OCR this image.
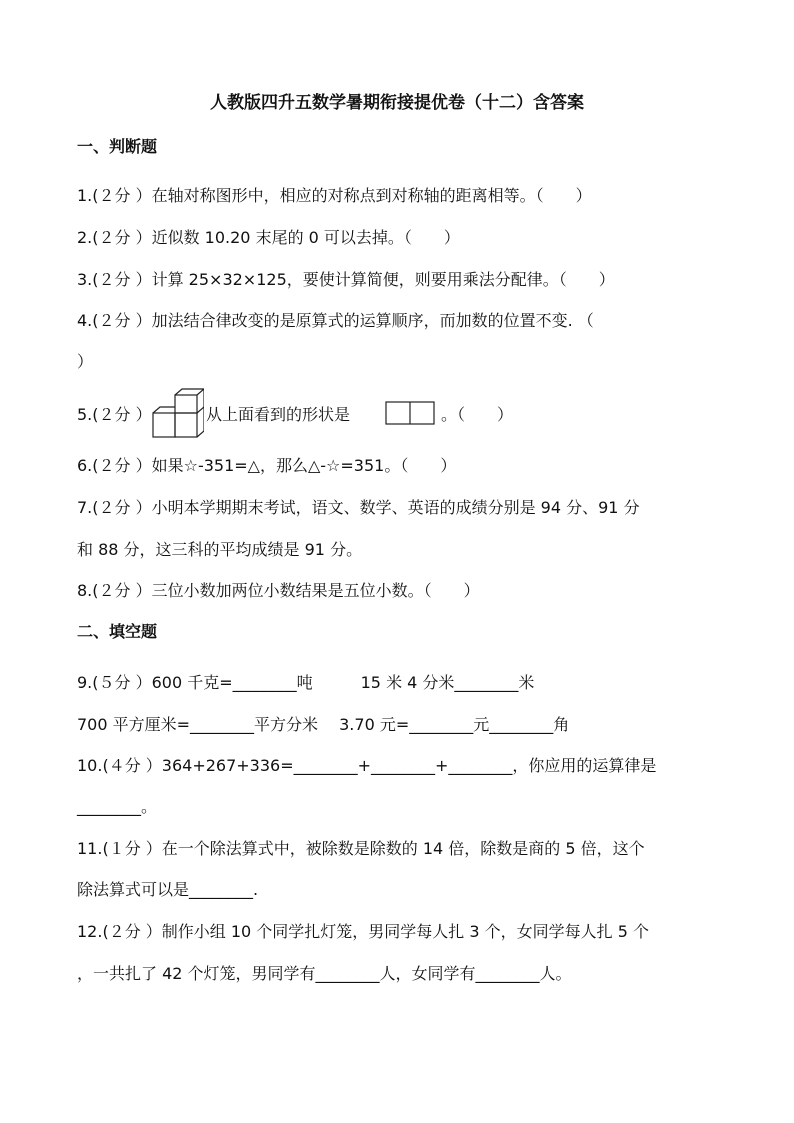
人教版四升五数学暑期衔接提优卷（十二）含答案
一、判断题
1.(２分 ）在轴对称图形中，相应的对称点到对称轴的距离相等。（　　）
2.(２分 ）近似数 10.20 末尾的 0 可以去掉。（　　）
3.(２分 ）计算 25×32×125，要使计算简便，则要用乘法分配律。（　　）
4.(２分 ）加法结合律改变的是原算式的运算顺序，而加数的位置不变. （
）
5.(２分 ）	从上面看到的形状是	。（　　）
6.(２分 ）如果☆-351=△，那么△-☆=351。（　　）
7.(２分 ）小明本学期期末考试，语文、数学、英语的成绩分别是 94 分、91 分
和 88 分，这三科的平均成绩是 91 分。
8.(２分 ）三位小数加两位小数结果是五位小数。（　　）
二、填空题
9.(５分 ）600 千克=________吨　　　15 米 4 分米________米
700 平方厘米=________平方分米　 3.70 元=________元________角
10.(４分 ）364+267+336=________+________+________，你应用的运算律是
________。
11.(１分 ）在一个除法算式中，被除数是除数的 14 倍，除数是商的 5 倍，这个
除法算式可以是________.
12.(２分 ）制作小组 10 个同学扎灯笼，男同学每人扎 3 个，女同学每人扎 5 个
，一共扎了 42 个灯笼，男同学有________人，女同学有________人。
